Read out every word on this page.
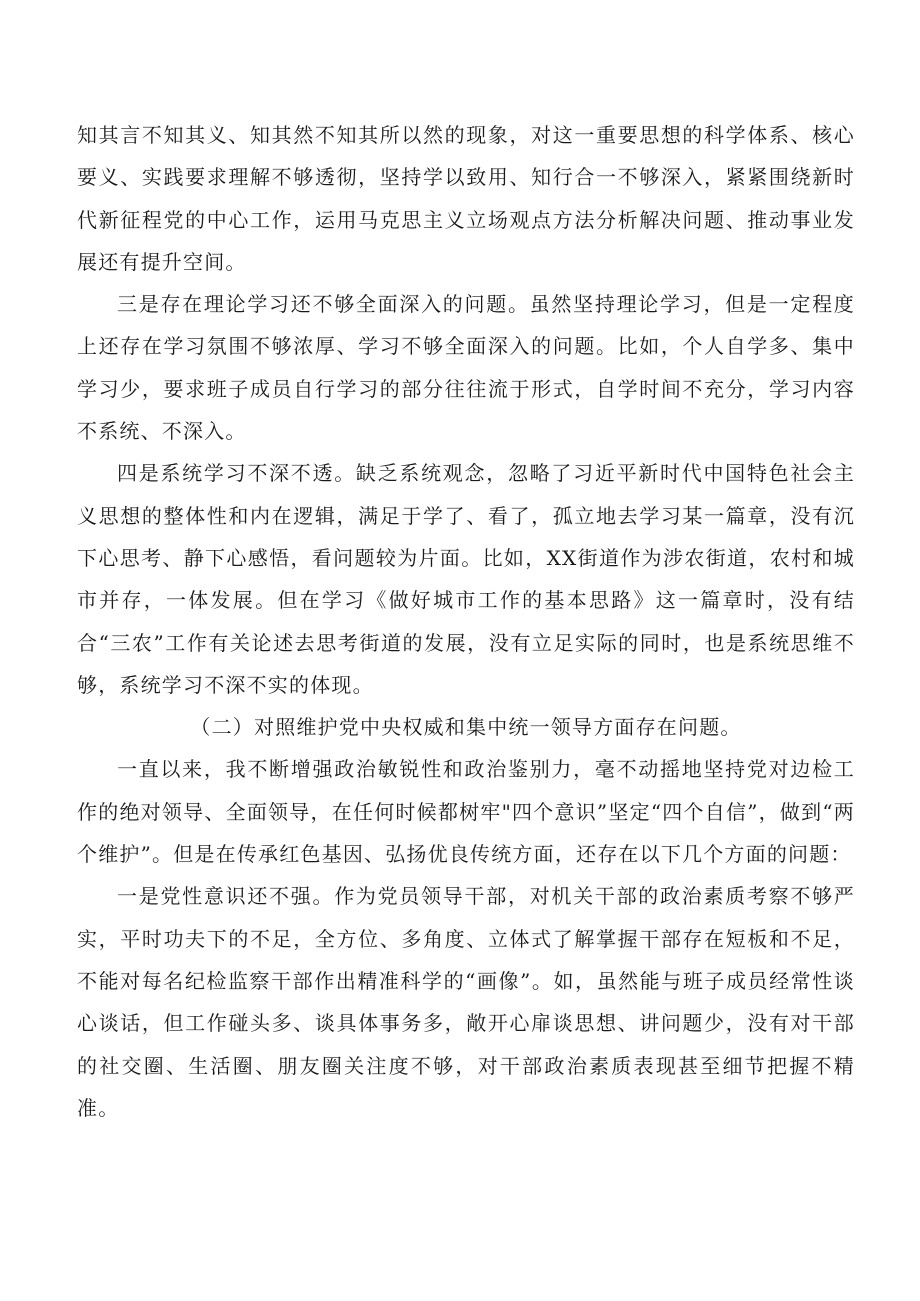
知其言不知其义、知其然不知其所以然的现象，对这一重要思想的科学体系、核心要义、实践要求理解不够透彻，坚持学以致用、知行合一不够深入，紧紧围绕新时代新征程党的中心工作，运用马克思主义立场观点方法分析解决问题、推动事业发展还有提升空间。

三是存在理论学习还不够全面深入的问题。虽然坚持理论学习，但是一定程度上还存在学习氛围不够浓厚、学习不够全面深入的问题。比如，个人自学多、集中学习少，要求班子成员自行学习的部分往往流于形式，自学时间不充分，学习内容不系统、不深入。

四是系统学习不深不透。缺乏系统观念，忽略了习近平新时代中国特色社会主义思想的整体性和内在逻辑，满足于学了、看了，孤立地去学习某一篇章，没有沉下心思考、静下心感悟，看问题较为片面。比如，XX街道作为涉农街道，农村和城市并存，一体发展。但在学习《做好城市工作的基本思路》这一篇章时，没有结合“三农”工作有关论述去思考街道的发展，没有立足实际的同时，也是系统思维不够，系统学习不深不实的体现。

（二）对照维护党中央权威和集中统一领导方面存在问题。

一直以来，我不断增强政治敏锐性和政治鉴别力，毫不动摇地坚持党对边检工作的绝对领导、全面领导，在任何时候都树牢"四个意识”坚定“四个自信”，做到“两个维护”。但是在传承红色基因、弘扬优良传统方面，还存在以下几个方面的问题：

一是党性意识还不强。作为党员领导干部，对机关干部的政治素质考察不够严实，平时功夫下的不足，全方位、多角度、立体式了解掌握干部存在短板和不足，不能对每名纪检监察干部作出精准科学的“画像”。如，虽然能与班子成员经常性谈心谈话，但工作碰头多、谈具体事务多，敞开心扉谈思想、讲问题少，没有对干部的社交圈、生活圈、朋友圈关注度不够，对干部政治素质表现甚至细节把握不精准。
